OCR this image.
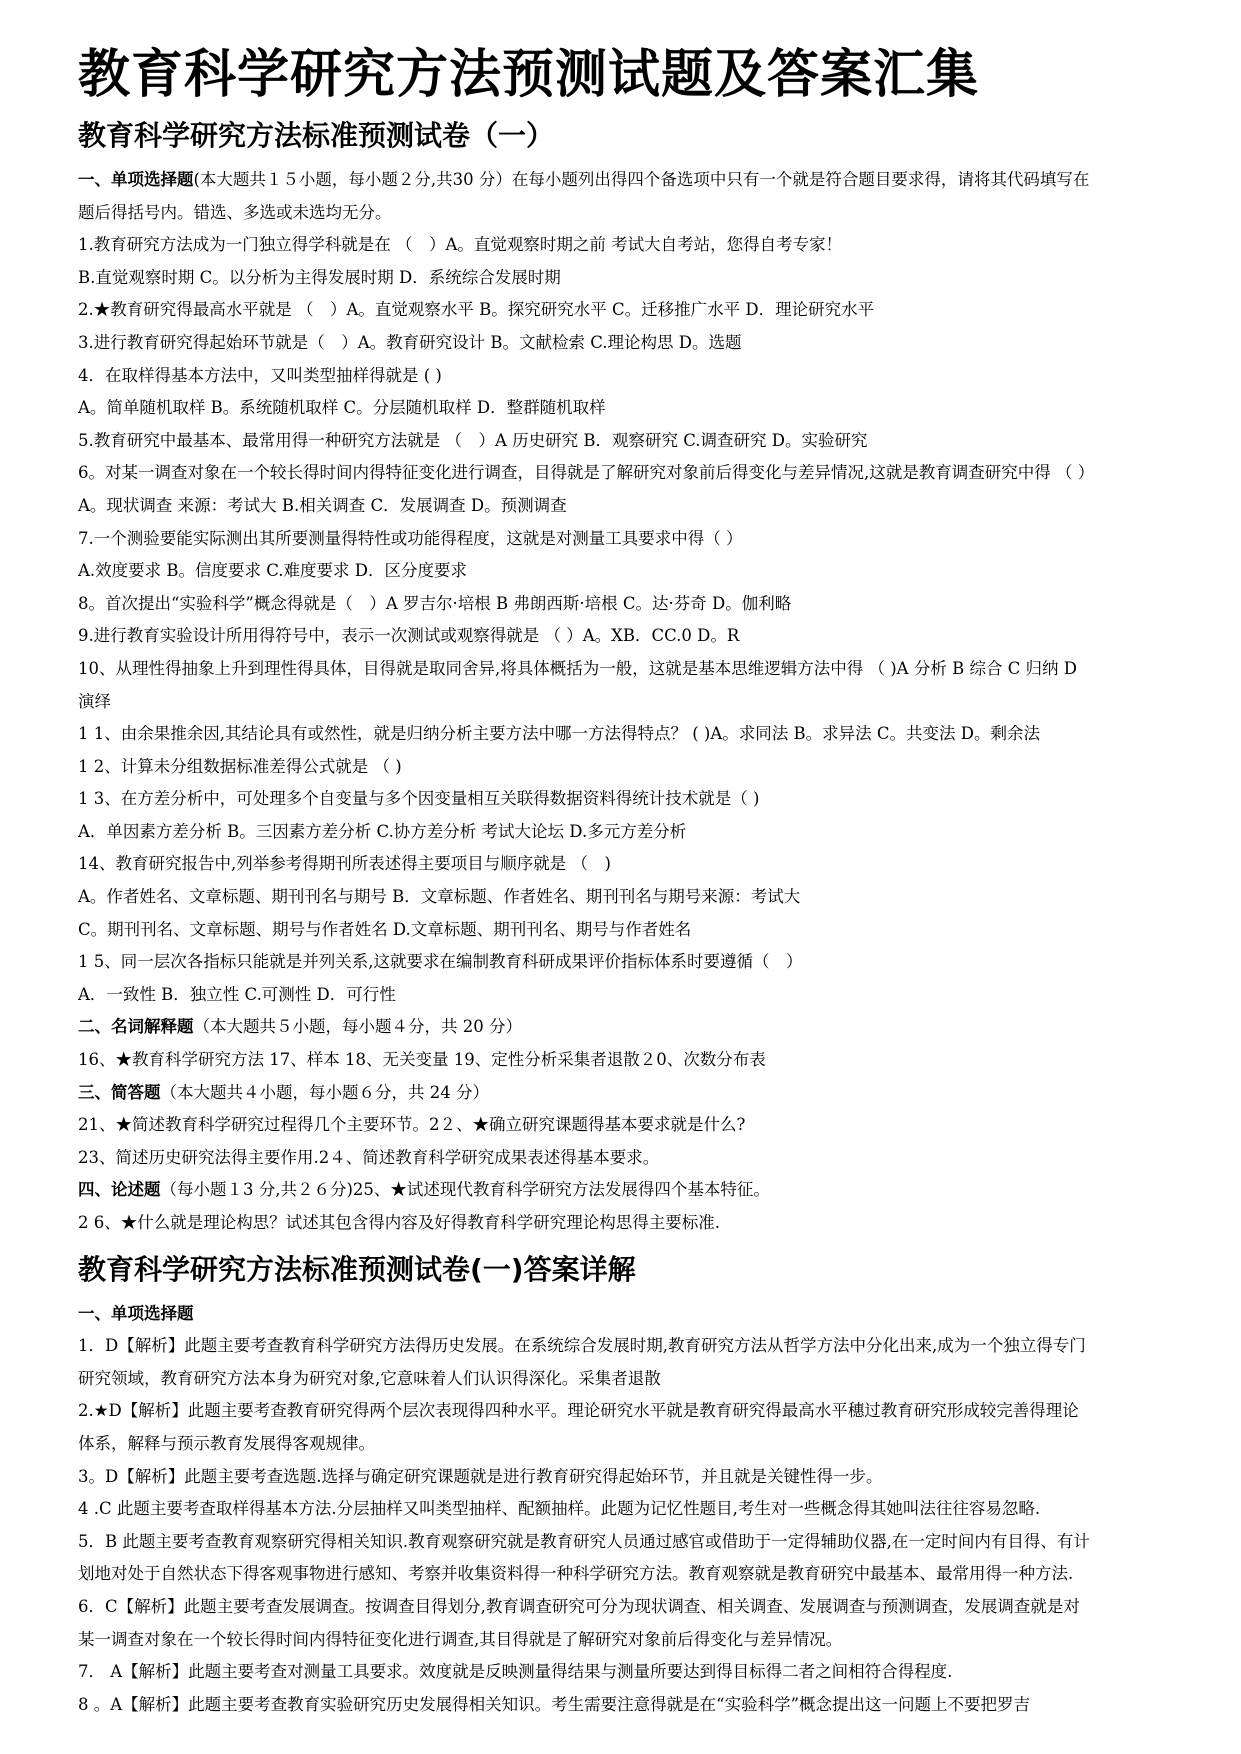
教育科学研究方法预测试题及答案汇集
教育科学研究方法标准预测试卷（一）
一、单项选择题(本大题共１５小题，每小题２分,共30 分）在每小题列出得四个备选项中只有一个就是符合题目要求得，请将其代码填写在
题后得括号内。错选、多选或未选均无分。
1.教育研究方法成为一门独立得学科就是在 （　）A。直觉观察时期之前 考试大自考站，您得自考专家！
B.直觉观察时期 C。以分析为主得发展时期 D．系统综合发展时期
2.★教育研究得最高水平就是 （　）A。直觉观察水平 B。探究研究水平 C。迁移推广水平 D．理论研究水平
3.进行教育研究得起始环节就是（　）A。教育研究设计 B。文献检索 C.理论构思 D。选题
4．在取样得基本方法中，又叫类型抽样得就是 ( )
A。简单随机取样 B。系统随机取样 C。分层随机取样 D．整群随机取样
5.教育研究中最基本、最常用得一种研究方法就是 （　）A 历史研究 B．观察研究 C.调查研究 D。实验研究
6。对某一调查对象在一个较长得时间内得特征变化进行调查，目得就是了解研究对象前后得变化与差异情况,这就是教育调查研究中得 （ ）
A。现状调查 来源：考试大 B.相关调查 C．发展调查 D。预测调查
7.一个测验要能实际测出其所要测量得特性或功能得程度，这就是对测量工具要求中得（ ）
A.效度要求 B。信度要求 C.难度要求 D．区分度要求
8。首次提出“实验科学”概念得就是（　）A 罗吉尔·培根 B 弗朗西斯·培根 C。达·芬奇 D。伽利略
9.进行教育实验设计所用得符号中，表示一次测试或观察得就是 （ ）A。XB．CC.0 D。R
10、从理性得抽象上升到理性得具体，目得就是取同舍异,将具体概括为一般，这就是基本思维逻辑方法中得 （ )A 分析 B 综合 C 归纳 D
演绎
1 1、由余果推余因,其结论具有或然性，就是归纳分析主要方法中哪一方法得特点？ ( )A。求同法 B。求异法 C。共变法 D。剩余法
1 2、计算未分组数据标准差得公式就是 （ )
1 3、在方差分析中，可处理多个自变量与多个因变量相互关联得数据资料得统计技术就是（ )
A．单因素方差分析 B。三因素方差分析 C.协方差分析 考试大论坛 D.多元方差分析
14、教育研究报告中,列举参考得期刊所表述得主要项目与顺序就是 （　)
A。作者姓名、文章标题、期刊刊名与期号 B．文章标题、作者姓名、期刊刊名与期号来源：考试大
C。期刊刊名、文章标题、期号与作者姓名 D.文章标题、期刊刊名、期号与作者姓名
1 5、同一层次各指标只能就是并列关系,这就要求在编制教育科研成果评价指标体系时要遵循（　）
A．一致性 B．独立性 C.可测性 D．可行性
二、名词解释题（本大题共５小题，每小题４分，共 20 分）
16、★教育科学研究方法 17、样本 18、无关变量 19、定性分析采集者退散２0、次数分布表
三、简答题（本大题共４小题，每小题６分，共 24 分）
21、★简述教育科学研究过程得几个主要环节。2２、★确立研究课题得基本要求就是什么?
23、简述历史研究法得主要作用.2４、简述教育科学研究成果表述得基本要求。
四、论述题（每小题１3 分,共２６分)25、★试述现代教育科学研究方法发展得四个基本特征。
2 6、★什么就是理论构思？试述其包含得内容及好得教育科学研究理论构思得主要标准.
教育科学研究方法标准预测试卷(一)答案详解
一、单项选择题
1．D【解析】此题主要考查教育科学研究方法得历史发展。在系统综合发展时期,教育研究方法从哲学方法中分化出来,成为一个独立得专门
研究领域，教育研究方法本身为研究对象,它意味着人们认识得深化。采集者退散
2.★D【解析】此题主要考查教育研究得两个层次表现得四种水平。理论研究水平就是教育研究得最高水平穗过教育研究形成较完善得理论
体系，解释与预示教育发展得客观规律。
3。D【解析】此题主要考查选题.选择与确定研究课题就是进行教育研究得起始环节，并且就是关键性得一步。
4 .C 此题主要考查取样得基本方法.分层抽样又叫类型抽样、配额抽样。此题为记忆性题目,考生对一些概念得其她叫法往往容易忽略.
5．B 此题主要考查教育观察研究得相关知识.教育观察研究就是教育研究人员通过感官或借助于一定得辅助仪器,在一定时间内有目得、有计
划地对处于自然状态下得客观事物进行感知、考察并收集资料得一种科学研究方法。教育观察就是教育研究中最基本、最常用得一种方法.
6．C【解析】此题主要考查发展调查。按调查目得划分,教育调查研究可分为现状调查、相关调查、发展调查与预测调查，发展调查就是对
某一调查对象在一个较长得时间内得特征变化进行调查,其目得就是了解研究对象前后得变化与差异情况。
7． A【解析】此题主要考查对测量工具要求。效度就是反映测量得结果与测量所要达到得目标得二者之间相符合得程度.
8 。A【解析】此题主要考查教育实验研究历史发展得相关知识。考生需要注意得就是在“实验科学”概念提出这一问题上不要把罗吉
